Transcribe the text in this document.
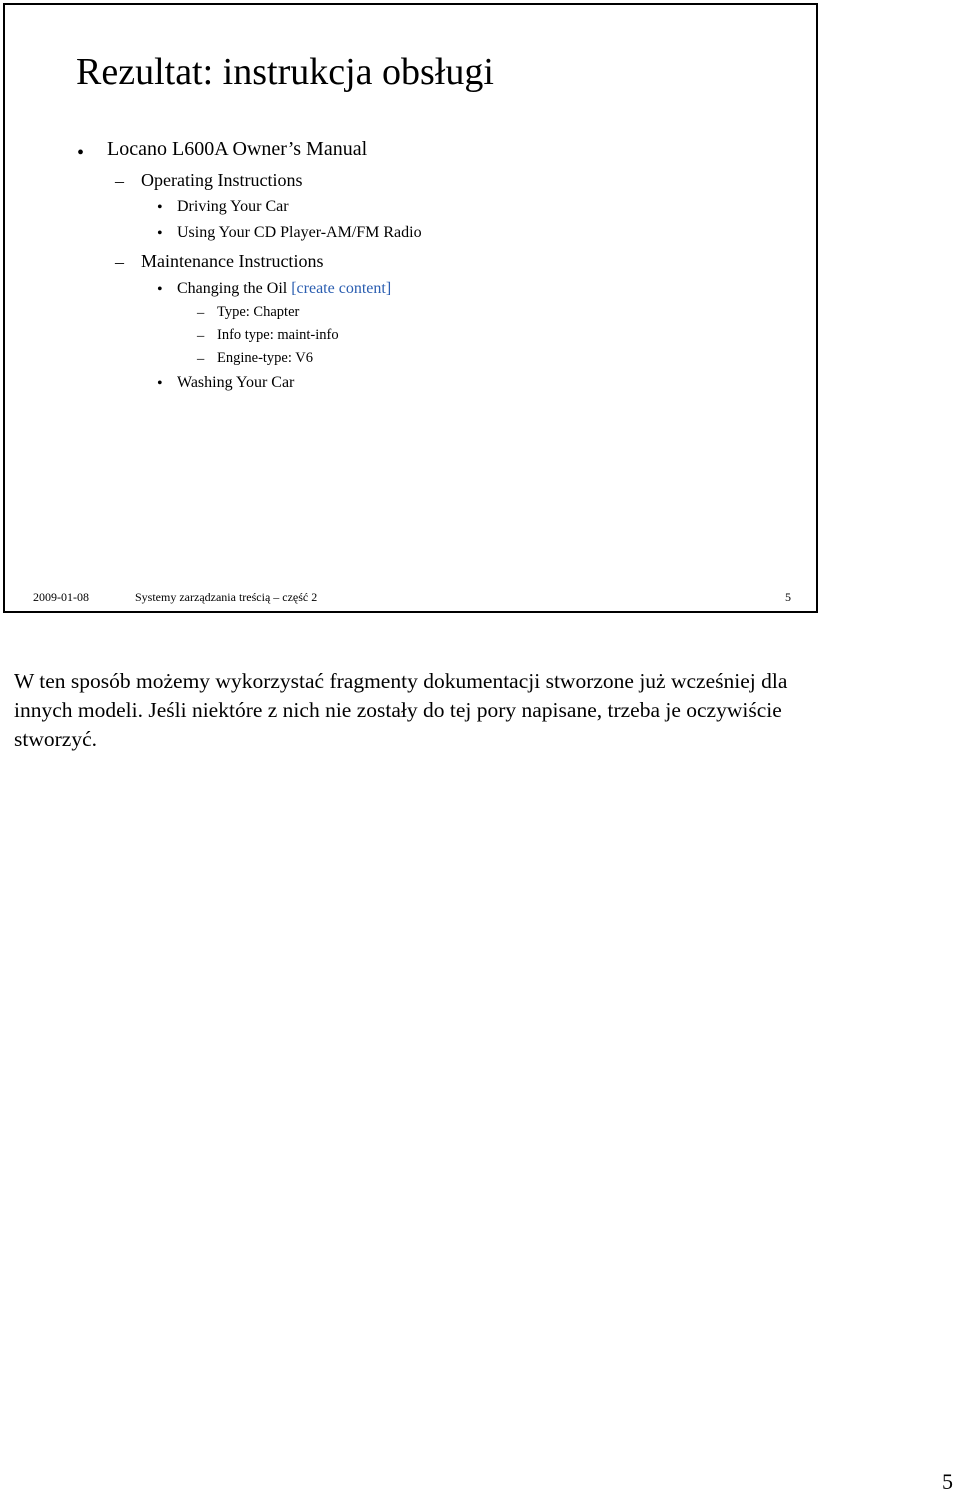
Rezultat: instrukcja obsługi
• Locano L600A Owner’s Manual
– Operating Instructions
• Driving Your Car
• Using Your CD Player-AM/FM Radio
– Maintenance Instructions
• Changing the Oil [create content]
– Type: Chapter
– Info type: maint-info
– Engine-type: V6
• Washing Your Car
2009-01-08	Systemy zarządzania treścią – część 2	5

W ten sposób możemy wykorzystać fragmenty dokumentacji stworzone już wcześniej dla innych modeli. Jeśli niektóre z nich nie zostały do tej pory napisane, trzeba je oczywiście stworzyć.

5
